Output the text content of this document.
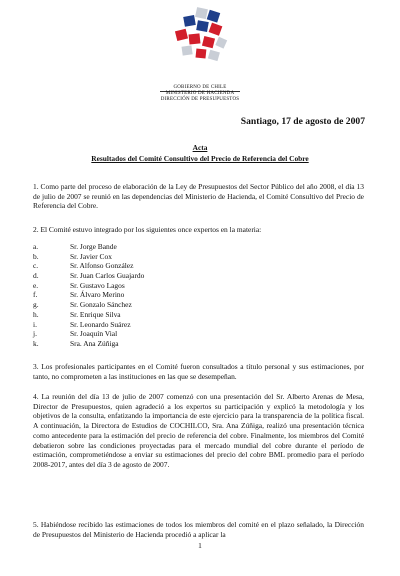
GOBIERNO DE CHILE
MINISTERIO DE HACIENDA
DIRECCIÓN DE PRESUPUESTOS
Santiago, 17 de agosto de 2007
Acta
Resultados del Comité Consultivo del Precio de Referencia del Cobre
1. Como parte del proceso de elaboración de la Ley de Presupuestos del Sector Público del año 2008, el día 13 de julio de 2007 se reunió en las dependencias del Ministerio de Hacienda, el Comité Consultivo del Precio de Referencia del Cobre.
2. El Comité estuvo integrado por los siguientes once expertos en la materia:
a.	Sr. Jorge Bande
b.	Sr. Javier Cox
c.	Sr. Alfonso González
d.	Sr. Juan Carlos Guajardo
e.	Sr. Gustavo Lagos
f.	Sr. Álvaro Merino
g.	Sr. Gonzalo Sánchez
h.	Sr. Enrique Silva
i.	Sr. Leonardo Suárez
j.	Sr. Joaquín Vial
k.	Sra. Ana Zúñiga
3. Los profesionales participantes en el Comité fueron consultados a título personal y sus estimaciones, por tanto, no comprometen a las instituciones en las que se desempeñan.
4. La reunión del día 13 de julio de 2007 comenzó con una presentación del Sr. Alberto Arenas de Mesa, Director de Presupuestos, quien agradeció a los expertos su participación y explicó la metodología y los objetivos de la consulta, enfatizando la importancia de este ejercicio para la transparencia de la política fiscal. A continuación, la Directora de Estudios de COCHILCO, Sra. Ana Zúñiga, realizó una presentación técnica como antecedente para la estimación del precio de referencia del cobre. Finalmente, los miembros del Comité debatieron sobre las condiciones proyectadas para el mercado mundial del cobre durante el período de estimación, comprometiéndose a enviar su estimaciones del precio del cobre BML promedio para el período 2008-2017, antes del día 3 de agosto de 2007.
5. Habiéndose recibido las estimaciones de todos los miembros del comité en el plazo señalado, la Dirección de Presupuestos del Ministerio de Hacienda procedió a aplicar la
1
